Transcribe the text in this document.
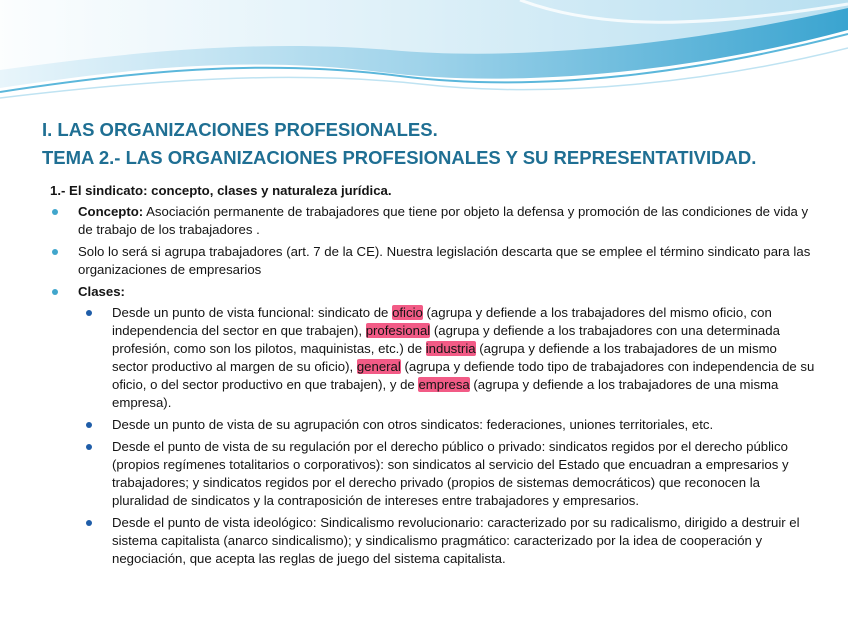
I. LAS ORGANIZACIONES PROFESIONALES.
TEMA 2.- LAS ORGANIZACIONES PROFESIONALES Y SU REPRESENTATIVIDAD.
1.- El sindicato: concepto, clases y naturaleza jurídica.
Concepto: Asociación permanente de trabajadores que tiene por objeto la defensa y promoción de las condiciones de vida y de trabajo de los trabajadores .
Solo lo será si agrupa trabajadores (art. 7 de la CE). Nuestra legislación descarta que se emplee el término sindicato para las organizaciones de empresarios
Clases:
Desde un punto de vista funcional: sindicato de oficio (agrupa y defiende a los trabajadores del mismo oficio, con independencia del sector en que trabajen), profesional (agrupa y defiende a los trabajadores con una determinada profesión, como son los pilotos, maquinistas, etc.) de industria (agrupa y defiende a los trabajadores de un mismo sector productivo al margen de su oficio), general (agrupa y defiende todo tipo de trabajadores con independencia de su oficio, o del sector productivo en que trabajen), y de empresa (agrupa y defiende a los trabajadores de una misma empresa).
Desde un punto de vista de su agrupación con otros sindicatos: federaciones, uniones territoriales, etc.
Desde el punto de vista de su regulación por el derecho público o privado: sindicatos regidos por el derecho público (propios regímenes totalitarios o corporativos): son sindicatos al servicio del Estado que encuadran a empresarios y trabajadores; y sindicatos regidos por el derecho privado (propios de sistemas democráticos) que reconocen la pluralidad de sindicatos y la contraposición de intereses entre trabajadores y empresarios.
Desde el punto de vista ideológico: Sindicalismo revolucionario: caracterizado por su radicalismo, dirigido a destruir el sistema capitalista (anarco sindicalismo); y sindicalismo pragmático: caracterizado por la idea de cooperación y negociación, que acepta las reglas de juego del sistema capitalista.
